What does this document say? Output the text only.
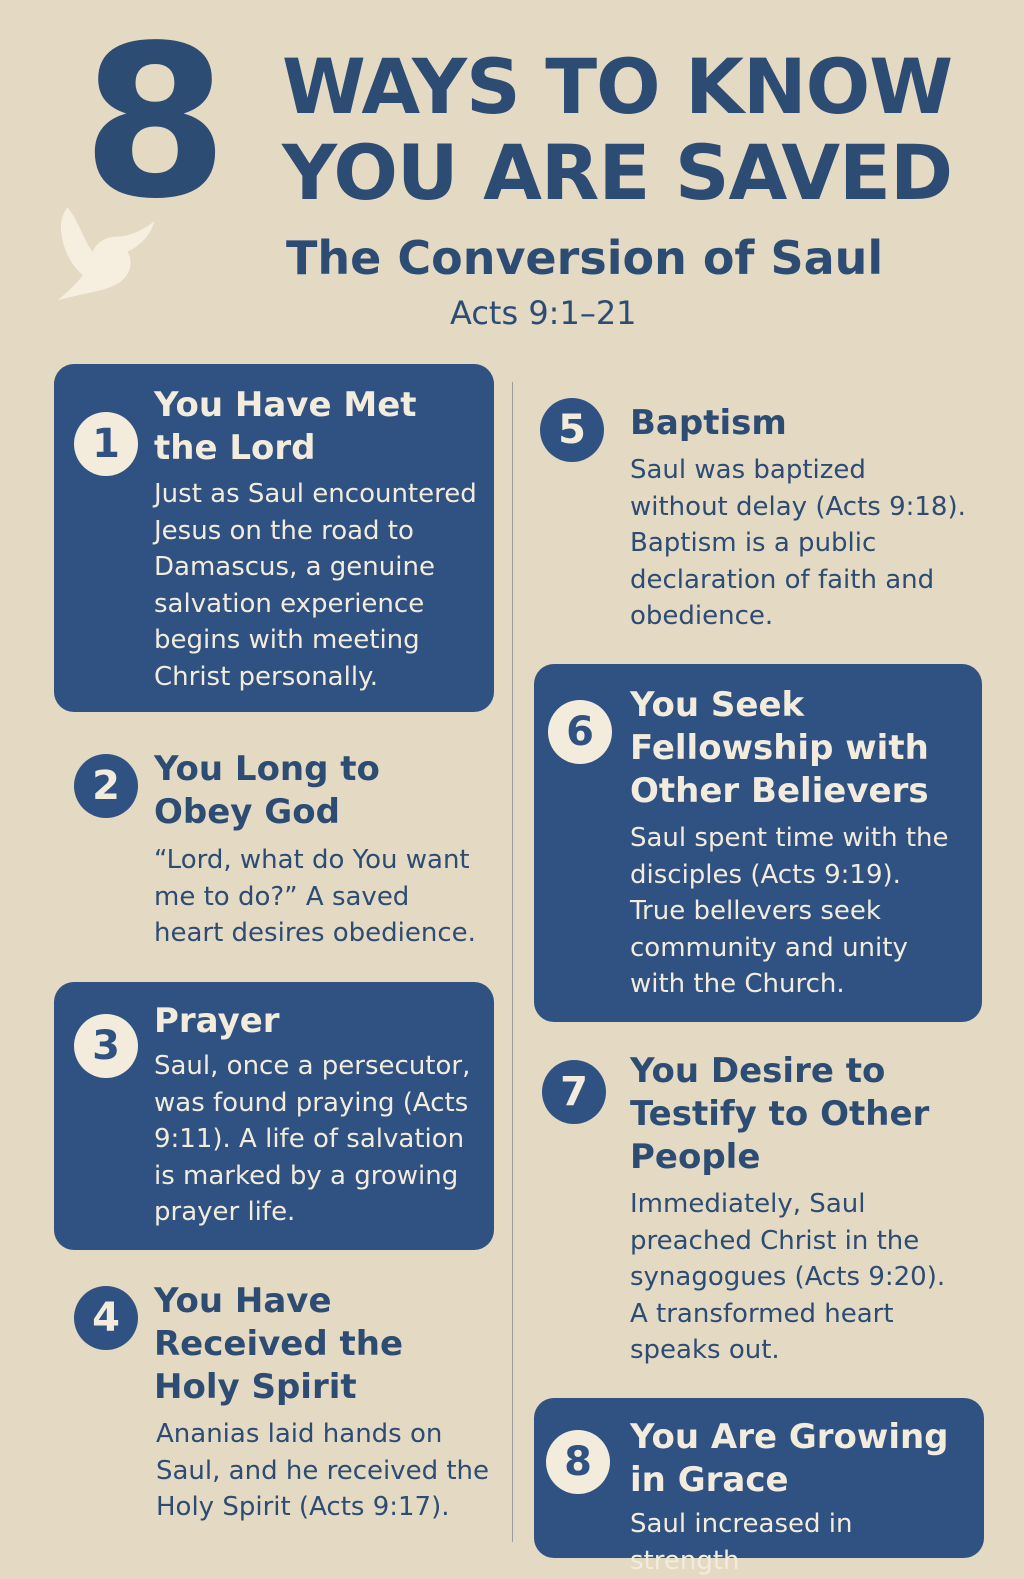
8 WAYS TO KNOW YOU ARE SAVED
The Conversion of Saul
Acts 9:1–21
1
You Have Met the Lord
Just as Saul encountered Jesus on the road to Damascus, a genuine salvation experience begins with meeting Christ personally.
2	You Long to Obey God
“Lord, what do You want me to do?” A saved heart desires obedience.
3
Prayer
Saul, once a persecutor, was found praying (Acts 9:11). A life of salvation is marked by a growing prayer life.
4	You Have Received the Holy Spirit
Ananias laid hands on Saul, and he received the Holy Spirit (Acts 9:17).
5	Baptism
Saul was baptized without delay (Acts 9:18). Baptism is a public declaration of faith and obedience.
6
You Seek Fellowship with Other Believers
Saul spent time with the disciples (Acts 9:19). True bellevers seek community and unity with the Church.
7	You Desire to Testify to Other People
Immediately, Saul preached Christ in the synagogues (Acts 9:20). A transformed heart speaks out.
8
You Are Growing in Grace
Saul increased in strength
